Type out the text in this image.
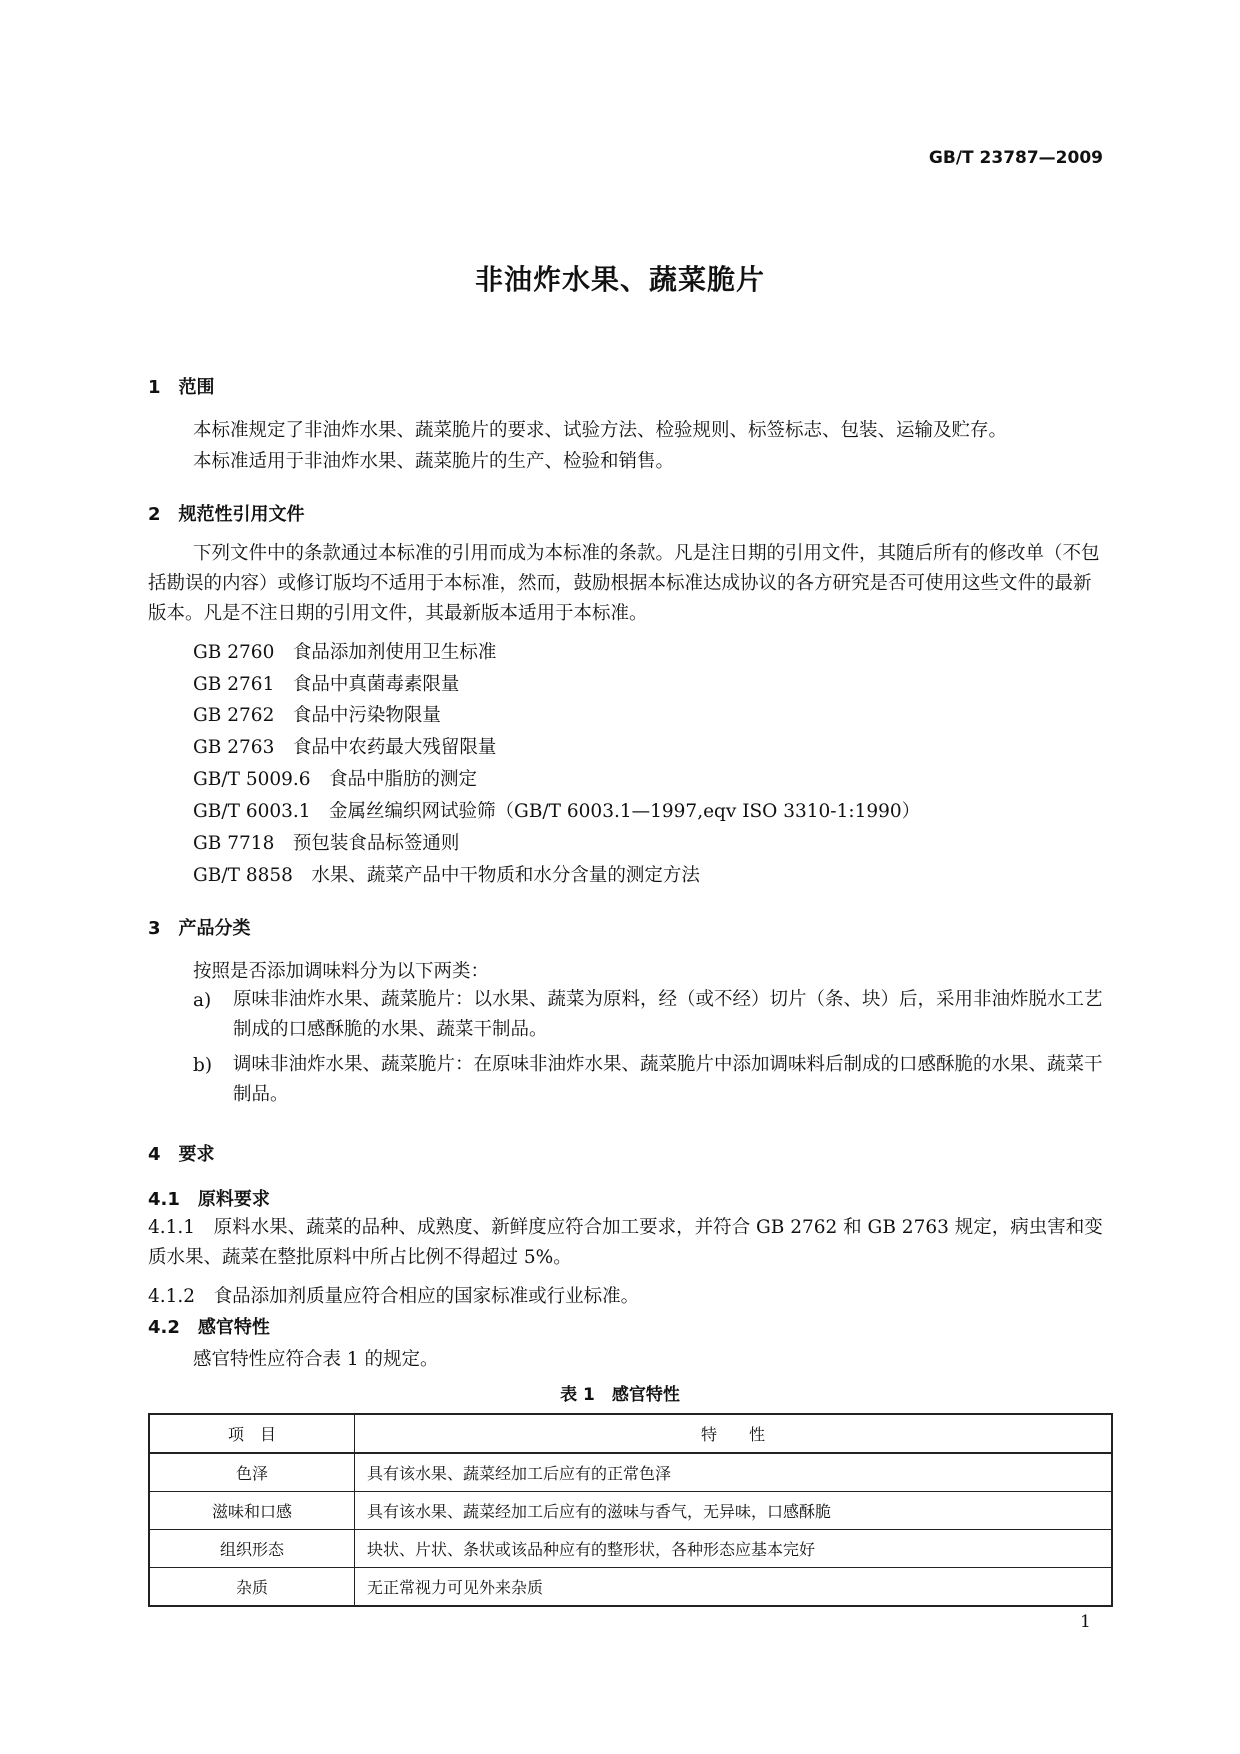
GB/T 23787—2009
非油炸水果、蔬菜脆片
1　范围
本标准规定了非油炸水果、蔬菜脆片的要求、试验方法、检验规则、标签标志、包装、运输及贮存。
本标准适用于非油炸水果、蔬菜脆片的生产、检验和销售。
2　规范性引用文件
下列文件中的条款通过本标准的引用而成为本标准的条款。凡是注日期的引用文件，其随后所有的修改单（不包括勘误的内容）或修订版均不适用于本标准，然而，鼓励根据本标准达成协议的各方研究是否可使用这些文件的最新版本。凡是不注日期的引用文件，其最新版本适用于本标准。
GB 2760　食品添加剂使用卫生标准
GB 2761　食品中真菌毒素限量
GB 2762　食品中污染物限量
GB 2763　食品中农药最大残留限量
GB/T 5009.6　食品中脂肪的测定
GB/T 6003.1　金属丝编织网试验筛（GB/T 6003.1—1997,eqv ISO 3310-1:1990）
GB 7718　预包装食品标签通则
GB/T 8858　水果、蔬菜产品中干物质和水分含量的测定方法
3　产品分类
按照是否添加调味料分为以下两类：
a) 原味非油炸水果、蔬菜脆片：以水果、蔬菜为原料，经（或不经）切片（条、块）后，采用非油炸脱水工艺制成的口感酥脆的水果、蔬菜干制品。
b) 调味非油炸水果、蔬菜脆片：在原味非油炸水果、蔬菜脆片中添加调味料后制成的口感酥脆的水果、蔬菜干制品。
4　要求
4.1　原料要求
4.1.1　原料水果、蔬菜的品种、成熟度、新鲜度应符合加工要求，并符合 GB 2762 和 GB 2763 规定，病虫害和变质水果、蔬菜在整批原料中所占比例不得超过 5%。
4.1.2　食品添加剂质量应符合相应的国家标准或行业标准。
4.2　感官特性
感官特性应符合表 1 的规定。
表 1　感官特性
项　目	特　　性
色泽	具有该水果、蔬菜经加工后应有的正常色泽
滋味和口感	具有该水果、蔬菜经加工后应有的滋味与香气，无异味，口感酥脆
组织形态	块状、片状、条状或该品种应有的整形状，各种形态应基本完好
杂质	无正常视力可见外来杂质
1
